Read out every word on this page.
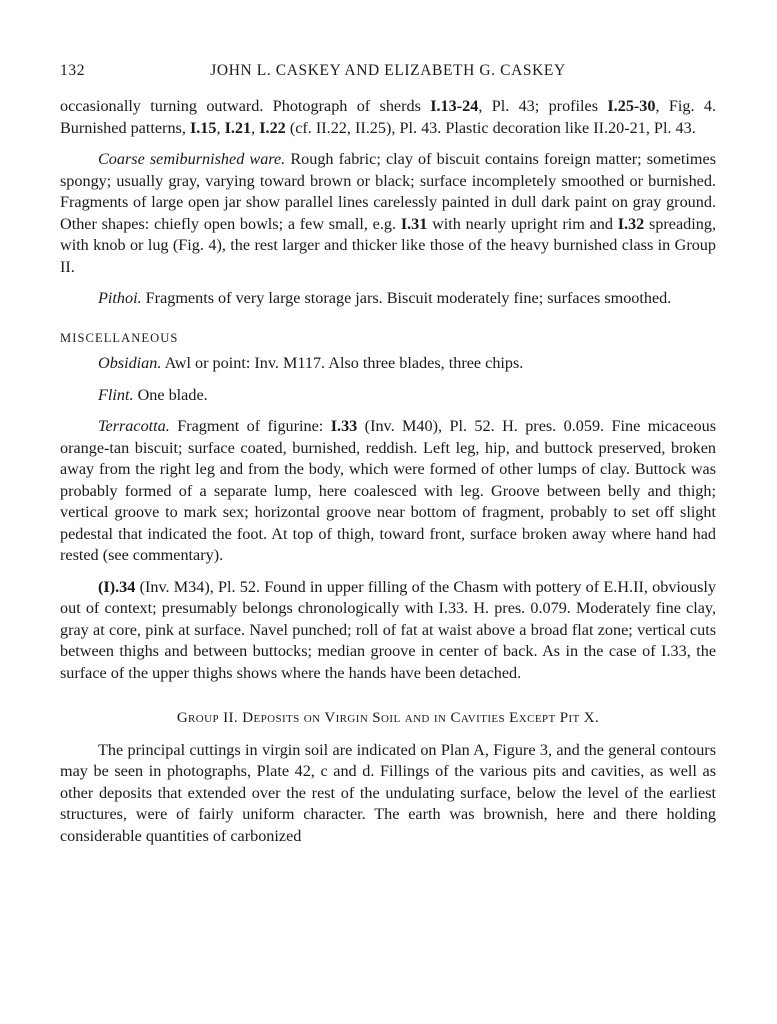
132	JOHN L. CASKEY AND ELIZABETH G. CASKEY

occasionally turning outward. Photograph of sherds I.13-24, Pl. 43; profiles I.25-30, Fig. 4. Burnished patterns, I.15, I.21, I.22 (cf. II.22, II.25), Pl. 43. Plastic decoration like II.20-21, Pl. 43.

Coarse semiburnished ware. Rough fabric; clay of biscuit contains foreign matter; sometimes spongy; usually gray, varying toward brown or black; surface incompletely smoothed or burnished. Fragments of large open jar show parallel lines carelessly painted in dull dark paint on gray ground. Other shapes: chiefly open bowls; a few small, e.g. I.31 with nearly upright rim and I.32 spreading, with knob or lug (Fig. 4), the rest larger and thicker like those of the heavy burnished class in Group II.

Pithoi. Fragments of very large storage jars. Biscuit moderately fine; surfaces smoothed.

MISCELLANEOUS

Obsidian. Awl or point: Inv. M117. Also three blades, three chips.

Flint. One blade.

Terracotta. Fragment of figurine: I.33 (Inv. M40), Pl. 52. H. pres. 0.059. Fine micaceous orange-tan biscuit; surface coated, burnished, reddish. Left leg, hip, and buttock preserved, broken away from the right leg and from the body, which were formed of other lumps of clay. Buttock was probably formed of a separate lump, here coalesced with leg. Groove between belly and thigh; vertical groove to mark sex; horizontal groove near bottom of fragment, probably to set off slight pedestal that indicated the foot. At top of thigh, toward front, surface broken away where hand had rested (see commentary).

(I).34 (Inv. M34), Pl. 52. Found in upper filling of the Chasm with pottery of E.H.II, obviously out of context; presumably belongs chronologically with I.33. H. pres. 0.079. Moderately fine clay, gray at core, pink at surface. Navel punched; roll of fat at waist above a broad flat zone; vertical cuts between thighs and between buttocks; median groove in center of back. As in the case of I.33, the surface of the upper thighs shows where the hands have been detached.

Group II. Deposits on Virgin Soil and in Cavities Except Pit X.

The principal cuttings in virgin soil are indicated on Plan A, Figure 3, and the general contours may be seen in photographs, Plate 42, c and d. Fillings of the various pits and cavities, as well as other deposits that extended over the rest of the undulating surface, below the level of the earliest structures, were of fairly uniform character. The earth was brownish, here and there holding considerable quantities of carbonized
